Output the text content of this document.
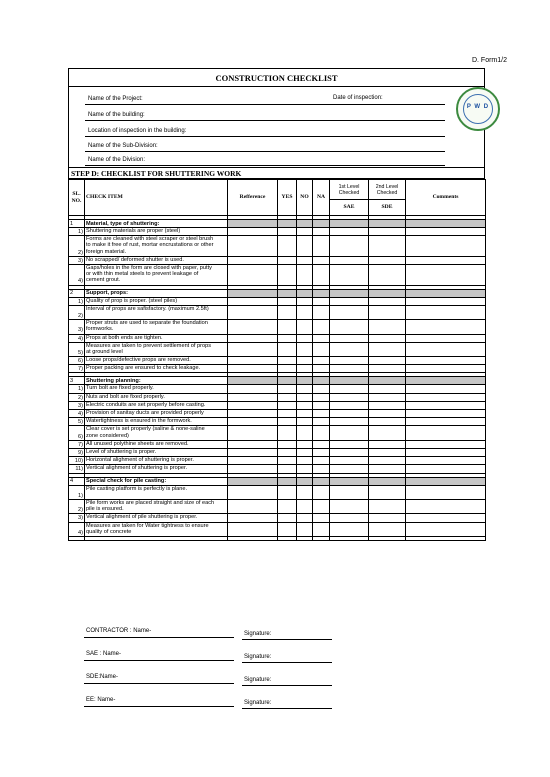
D. Form1/2
CONSTRUCTION CHECKLIST
Name of the Project:	Date of inspection:
Name of the building:
Location of inspection in the building:
Name of the Sub-Division:
Name of the Division:
P W D
STEP D: CHECKLIST FOR SHUTTERING WORK
SL. NO.	CHECK ITEM	Refference	YES	NO	NA	1st Level Checked	2nd Level Checked	Comments
						SAE	SDE	

1	Material, type of shuttering:							
1)	Shuttering materials are proper (steel)							

2)	Forms are cleaned with steel scraper or steel brush
to make it free of rust, mortar encrustations or other
foreign material.							

3)	No scrapped/ deformed shutter is used.							

4)	Gaps/holes in the form are closed with paper, putty
or with thin metal steels to prevent leakage of
cement grout.							

2	Support, props:							
1)	Quality of prop is proper. (steel piles)							

2)	Interval of props are safisfactory. (maximum 2.5ft)							

3)	Proper struts are used to separate the foundation
formworks.							

4)	Props at both ends are tighten.							

5)	Measures are taken to prevent settlement of props
at ground level							

6)	Loose props/defective props are removed.							

7)	Proper packing are ensured to check leakage.							

3	Shuttering planning:							
1)	Turn bolt are fixed properly.							

2)	Nuts and bolt are fixed properly.							

3)	Electric conduits are set properly before casting.							

4)	Provision of sanitay ducts are provided properly							

5)	Watertightness is ensured in the formwork.							

6)	Clear cover is set properly (saline & none-saline
zone considered)							

7)	All unused polythine sheets are removed.							

9)	Level of shuttering is proper.							

10)	Horizontal alighment of shuttering is proper.							

11)	Vertical alighment of shuttering is proper.							

4	Special check for pile casting:							
1)	Pile casting platform is perfectly is plane.							

2)	Pile form works are placed straight and size of each
pile is ensured.							

3)	Vertical alighment of pile shuttering is proper.							

4)	Measures are taken for Water tightness to ensure
quality of concrete							

CONTRACTOR : Name-	Signature:
SAE : Name-	Signature:
SDE:Name-	Signature:
EE: Name-	Signature:
